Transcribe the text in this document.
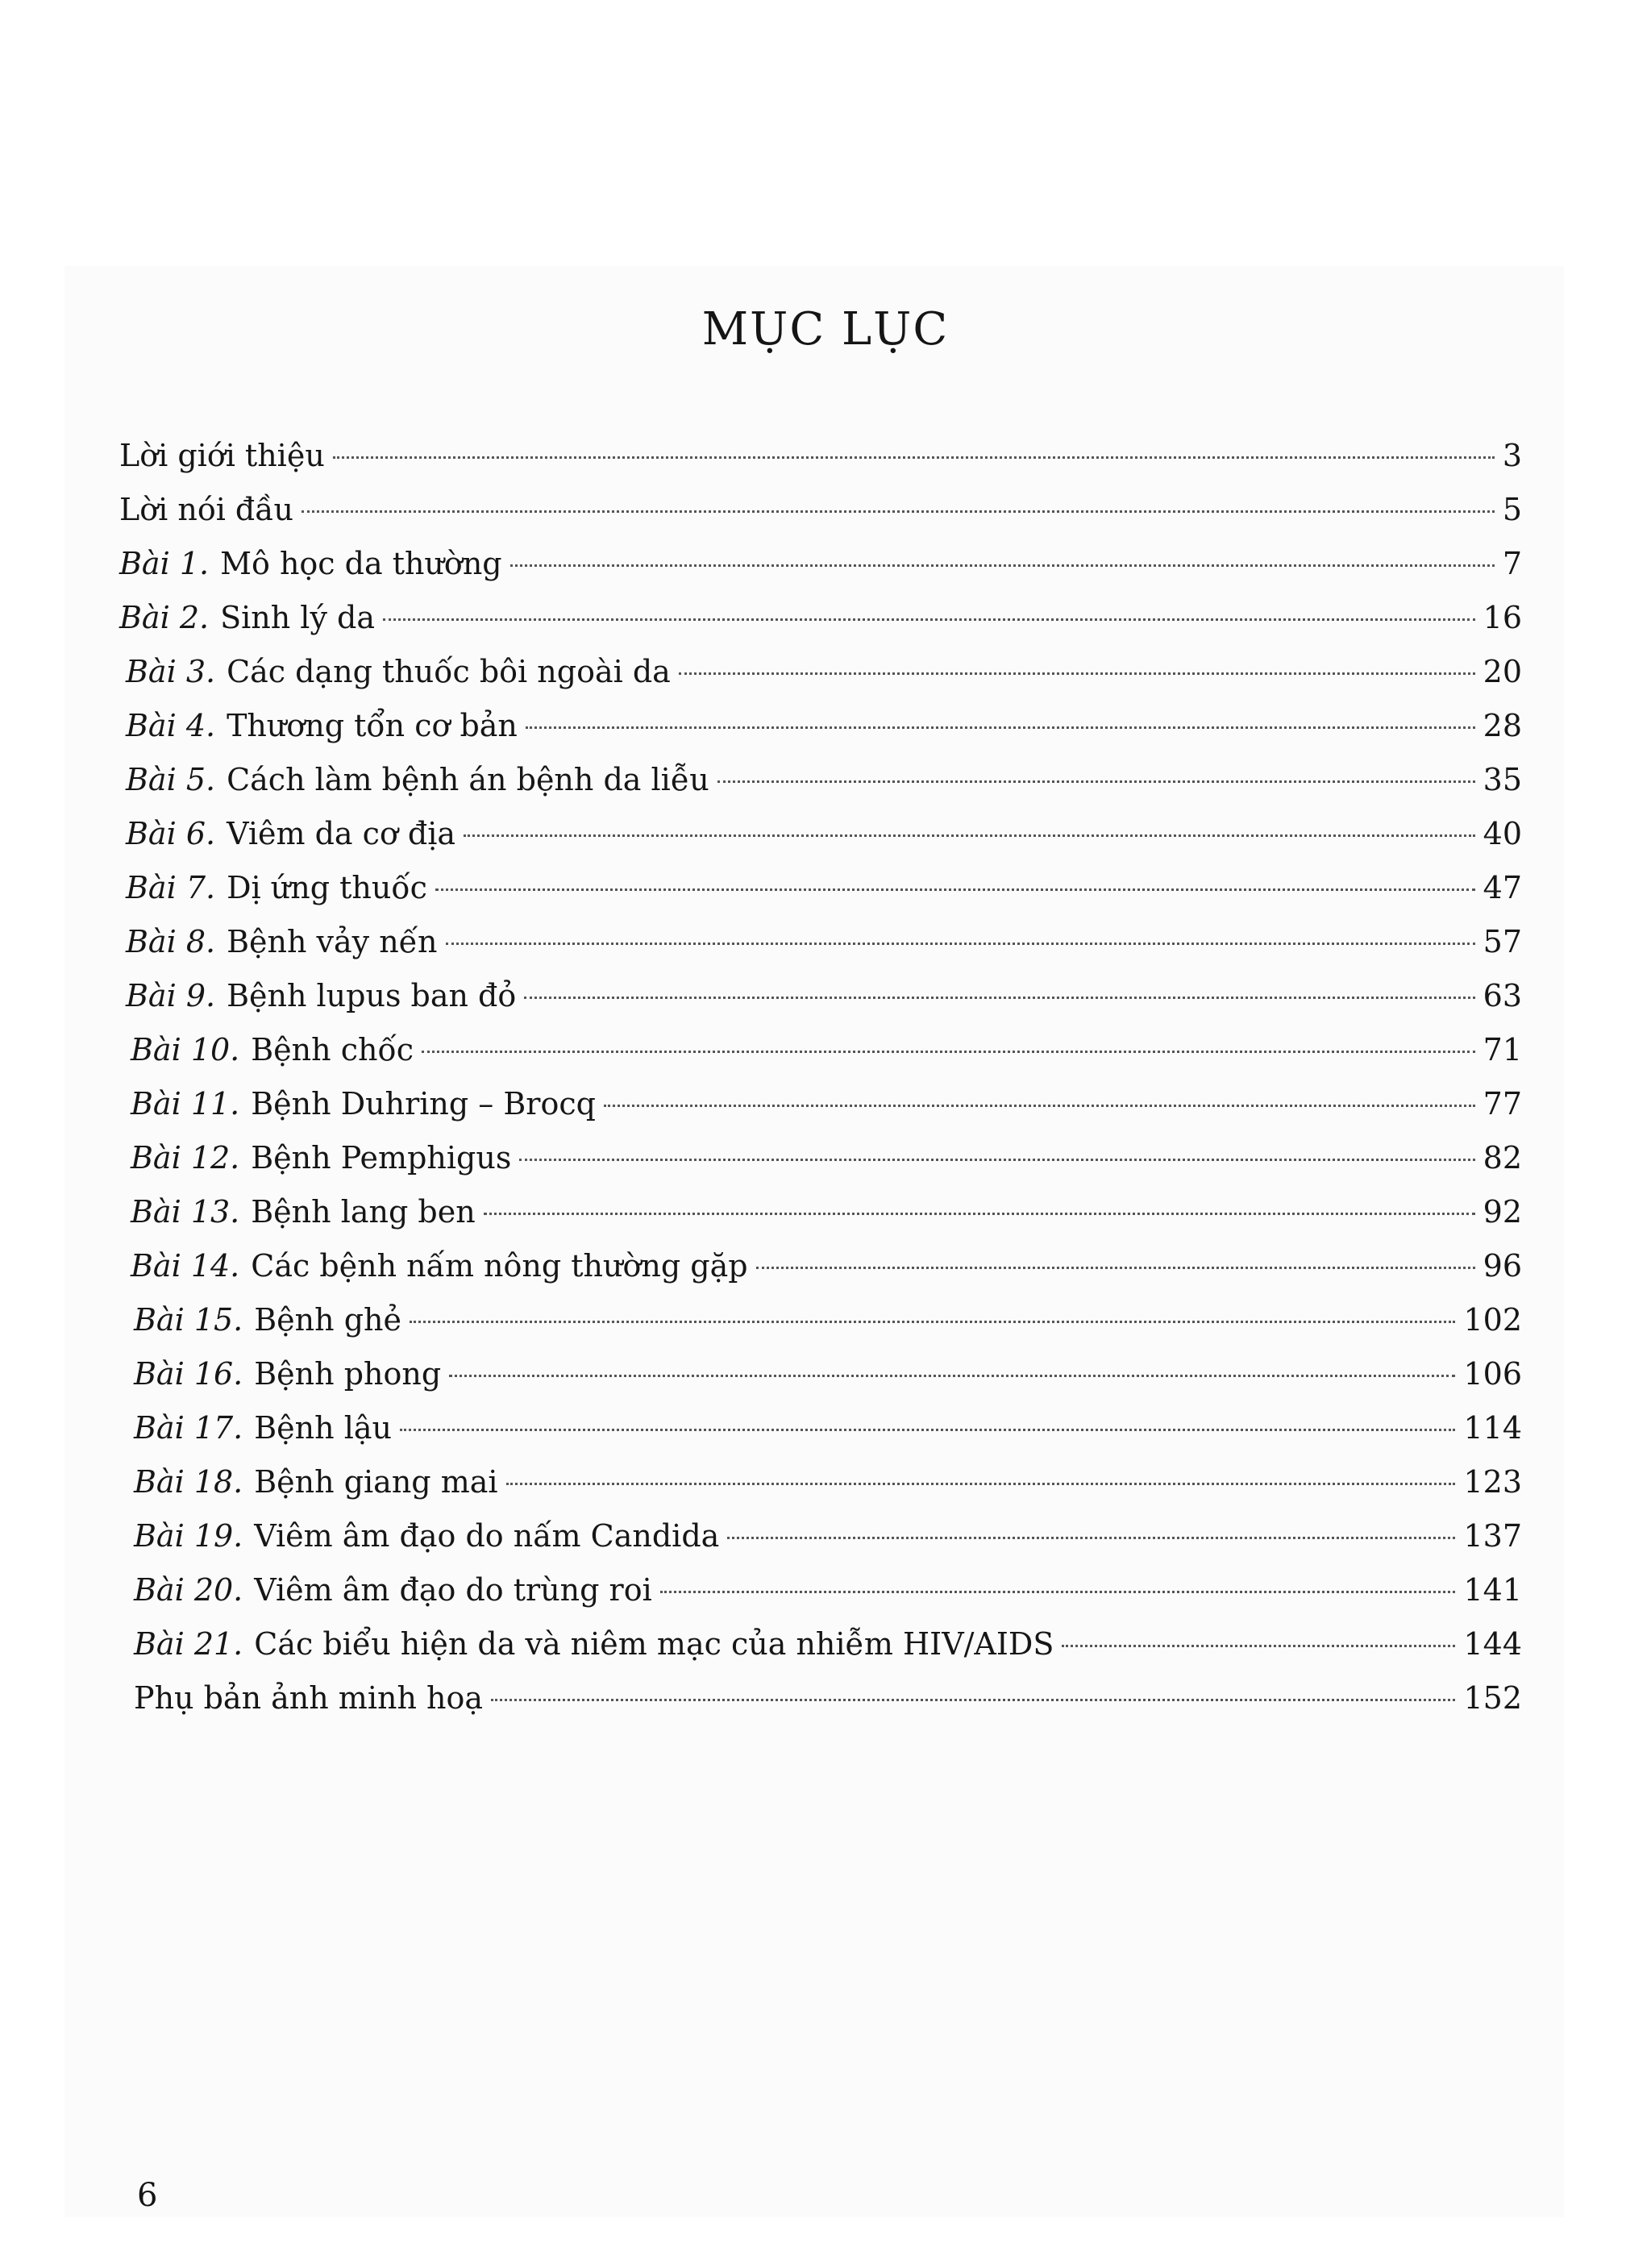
MỤC LỤC
Lời giới thiệu	3
Lời nói đầu	5
Bài 1. Mô học da thường	7
Bài 2. Sinh lý da	16
Bài 3. Các dạng thuốc bôi ngoài da	20
Bài 4. Thương tổn cơ bản	28
Bài 5. Cách làm bệnh án bệnh da liễu	35
Bài 6. Viêm da cơ địa	40
Bài 7. Dị ứng thuốc	47
Bài 8. Bệnh vảy nến	57
Bài 9. Bệnh lupus ban đỏ	63
Bài 10. Bệnh chốc	71
Bài 11. Bệnh Duhring – Brocq	77
Bài 12. Bệnh Pemphigus	82
Bài 13. Bệnh lang ben	92
Bài 14. Các bệnh nấm nông thường gặp	96
Bài 15. Bệnh ghẻ	102
Bài 16. Bệnh phong	106
Bài 17. Bệnh lậu	114
Bài 18. Bệnh giang mai	123
Bài 19. Viêm âm đạo do nấm Candida	137
Bài 20. Viêm âm đạo do trùng roi	141
Bài 21. Các biểu hiện da và niêm mạc của nhiễm HIV/AIDS	144
Phụ bản ảnh minh hoạ	152
6
